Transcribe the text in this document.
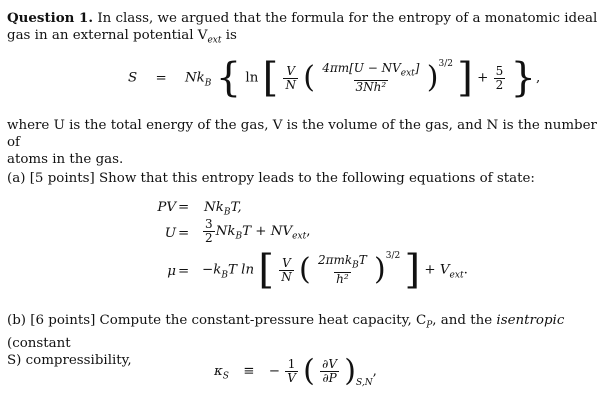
Question 1. In class, we argued that the formula for the entropy of a monatomic ideal
gas in an external potential $V_{ext}$ is
$S = Nk_B$ { ln [ $\frac{V}{N}$ ( $\frac{4\pi m[U - NV_{ext}]}{\text{3Nh²}} )^{3/2}$ ] + $\frac{5}{2}$ },
where U is the total energy of the gas, V is the volume of the gas, and N is the number of
atoms in the gas.
(a) [5 points] Show that this entropy leads to the following equations of state:
PV = $Nk_BT$,
$U = \frac{3}{2} Nk_BT + NV_{ext}$,
$\mu = -k_BT$ ln [ $\frac{V}{N}$ ( $\frac{2\pi mk_BT}{\text{h²}} )^{3/2}$ ] + $V_{ext}$.
(b) [6 points] Compute the constant-pressure heat capacity, $C_P$, and the isentropic (constant
S) compressibility,
$\kappa_S$ ≡ − $\frac{1}{V}$ ( $\frac{\partial V}{\partial P} )_{S,N}$,
